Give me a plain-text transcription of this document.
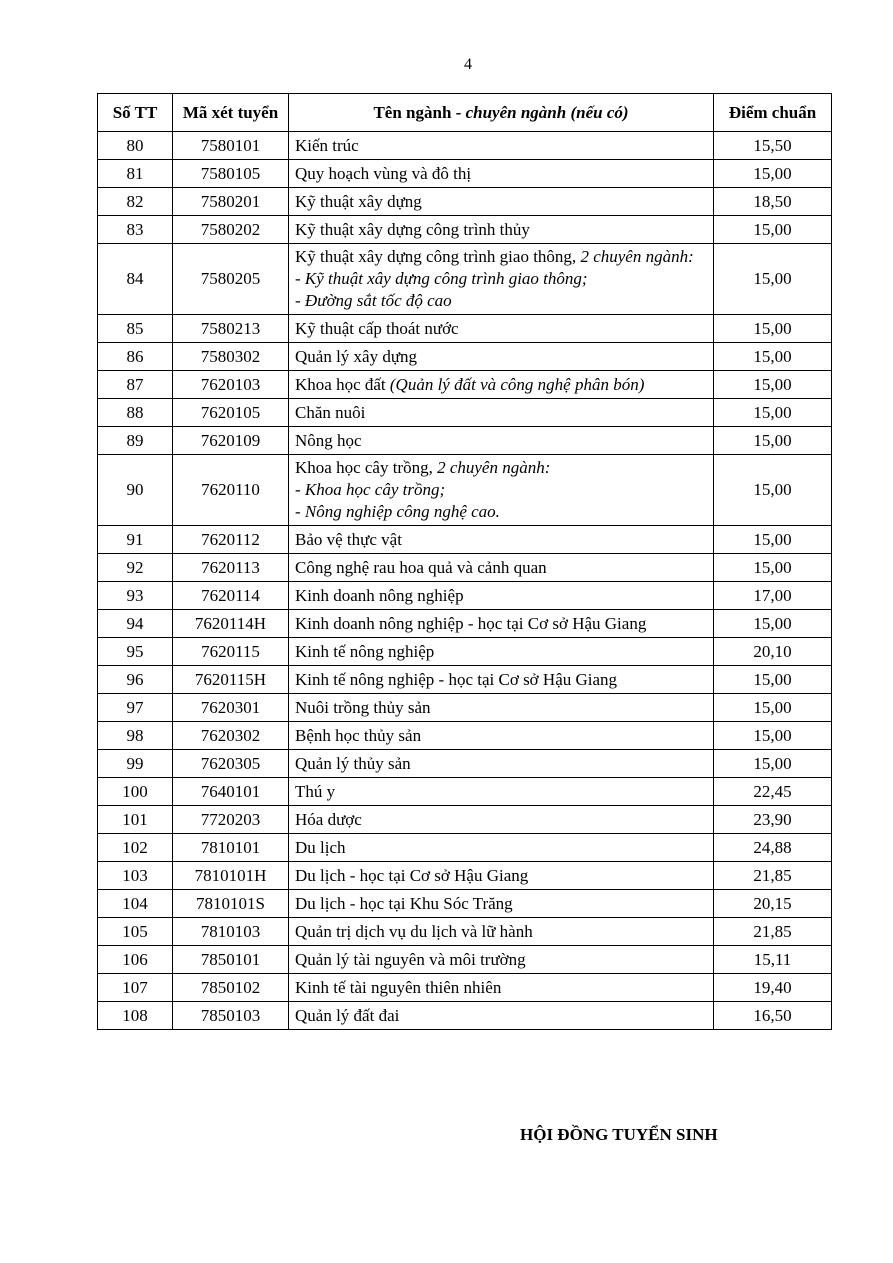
4
Số TT	Mã xét tuyển	Tên ngành - chuyên ngành (nếu có)	Điểm chuẩn
80	7580101	Kiến trúc	15,50
81	7580105	Quy hoạch vùng và đô thị	15,00
82	7580201	Kỹ thuật xây dựng	18,50
83	7580202	Kỹ thuật xây dựng công trình thủy	15,00
84	7580205	Kỹ thuật xây dựng công trình giao thông, 2 chuyên ngành:
- Kỹ thuật xây dựng công trình giao thông;
- Đường sắt tốc độ cao	15,00
85	7580213	Kỹ thuật cấp thoát nước	15,00
86	7580302	Quản lý xây dựng	15,00
87	7620103	Khoa học đất (Quản lý đất và công nghệ phân bón)	15,00
88	7620105	Chăn nuôi	15,00
89	7620109	Nông học	15,00
90	7620110	Khoa học cây trồng, 2 chuyên ngành:
- Khoa học cây trồng;
- Nông nghiệp công nghệ cao.	15,00
91	7620112	Bảo vệ thực vật	15,00
92	7620113	Công nghệ rau hoa quả và cảnh quan	15,00
93	7620114	Kinh doanh nông nghiệp	17,00
94	7620114H	Kinh doanh nông nghiệp - học tại Cơ sở Hậu Giang	15,00
95	7620115	Kinh tế nông nghiệp	20,10
96	7620115H	Kinh tế nông nghiệp - học tại Cơ sở Hậu Giang	15,00
97	7620301	Nuôi trồng thủy sản	15,00
98	7620302	Bệnh học thủy sản	15,00
99	7620305	Quản lý thủy sản	15,00
100	7640101	Thú y	22,45
101	7720203	Hóa dược	23,90
102	7810101	Du lịch	24,88
103	7810101H	Du lịch - học tại Cơ sở Hậu Giang	21,85
104	7810101S	Du lịch - học tại Khu Sóc Trăng	20,15
105	7810103	Quản trị dịch vụ du lịch và lữ hành	21,85
106	7850101	Quản lý tài nguyên và môi trường	15,11
107	7850102	Kinh tế tài nguyên thiên nhiên	19,40
108	7850103	Quản lý đất đai	16,50
HỘI ĐỒNG TUYỂN SINH
